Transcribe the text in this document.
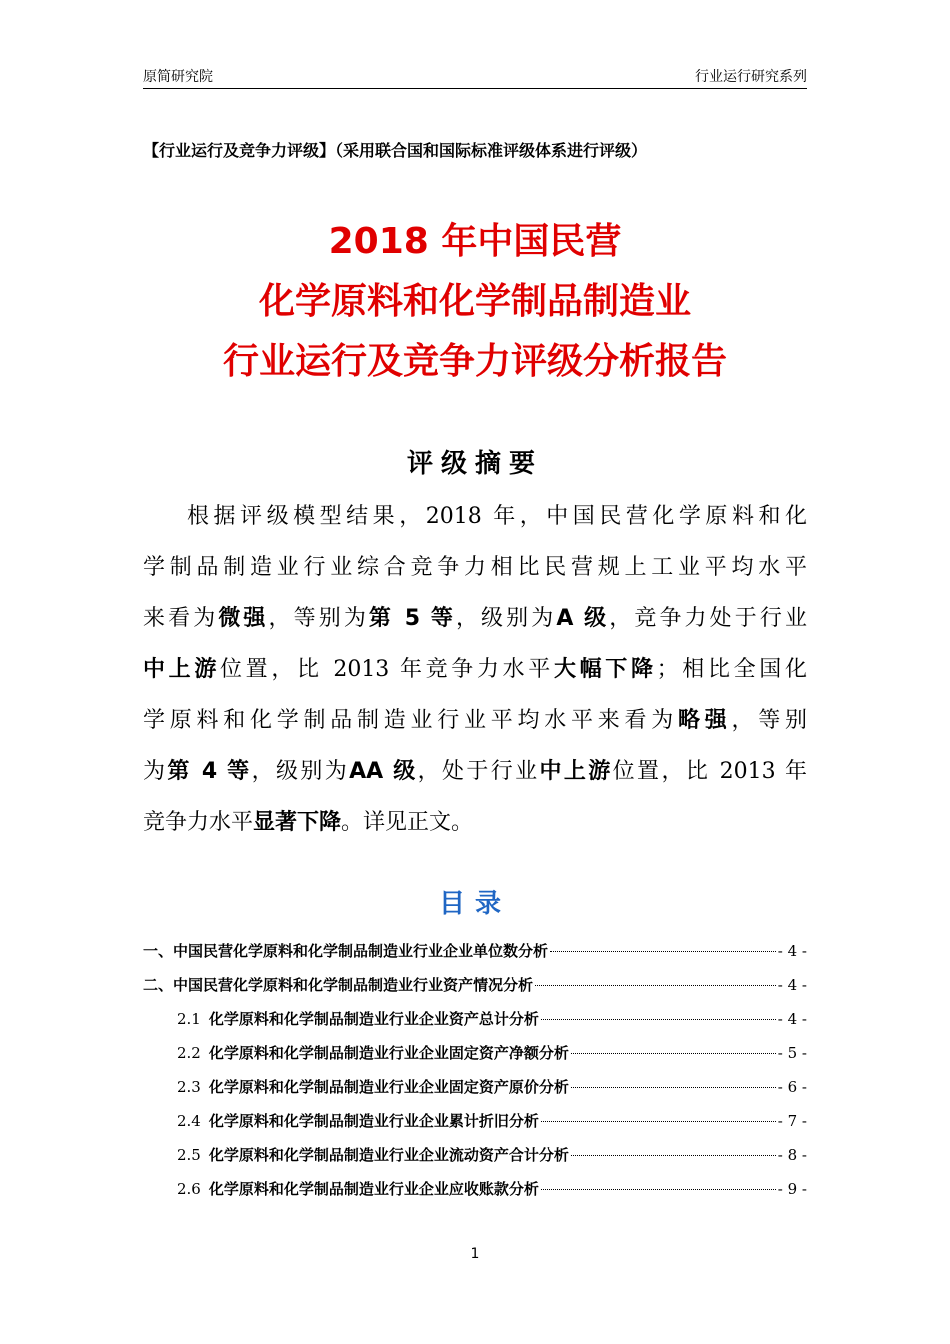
原简研究院	行业运行研究系列
【行业运行及竞争力评级】（采用联合国和国际标准评级体系进行评级）
2018 年中国民营
化学原料和化学制品制造业
行业运行及竞争力评级分析报告
评级摘要
根据评级模型结果，2018 年，中国民营化学原料和化
学制品制造业行业综合竞争力相比民营规上工业平均水平
来看为微强，等别为第 5 等，级别为A 级，竞争力处于行业
中上游位置，比 2013 年竞争力水平大幅下降；相比全国化
学原料和化学制品制造业行业平均水平来看为略强，等别
为第 4 等，级别为AA 级，处于行业中上游位置，比 2013 年
竞争力水平显著下降。详见正文。
目录
一、中国民营化学原料和化学制品制造业行业企业单位数分析	- 4 -
二、中国民营化学原料和化学制品制造业行业资产情况分析	- 4 -
2.1 化学原料和化学制品制造业行业企业资产总计分析	- 4 -
2.2 化学原料和化学制品制造业行业企业固定资产净额分析	- 5 -
2.3 化学原料和化学制品制造业行业企业固定资产原价分析	- 6 -
2.4 化学原料和化学制品制造业行业企业累计折旧分析	- 7 -
2.5 化学原料和化学制品制造业行业企业流动资产合计分析	- 8 -
2.6 化学原料和化学制品制造业行业企业应收账款分析	- 9 -
1
